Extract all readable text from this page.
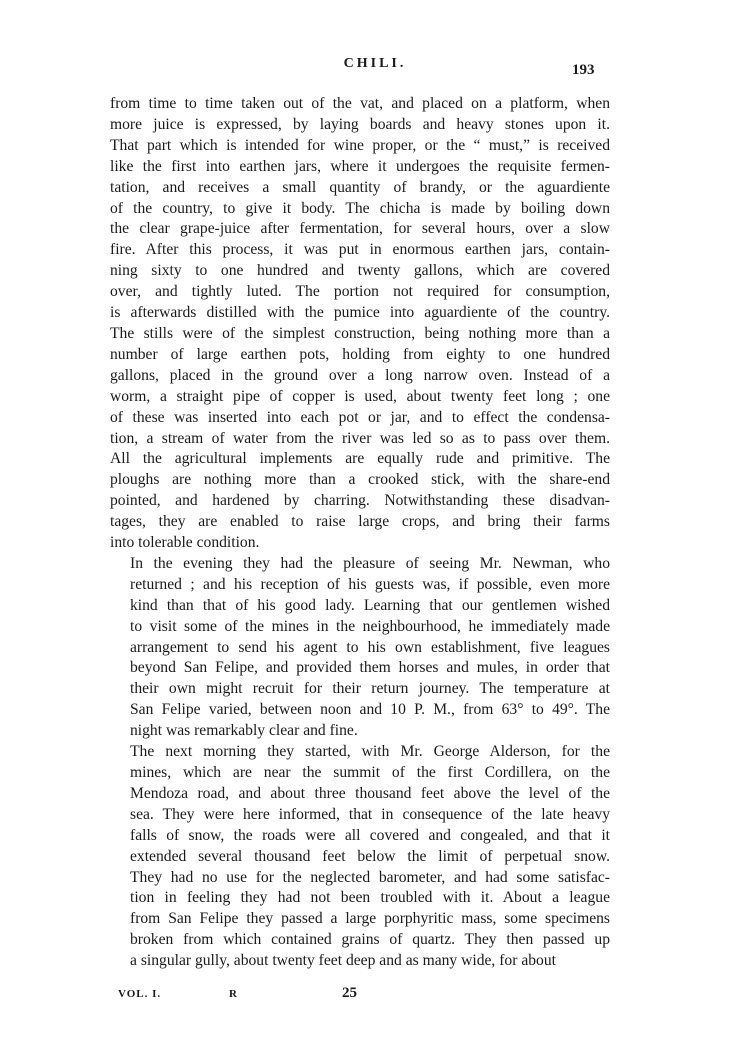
CHILI.	193

from time to time taken out of the vat, and placed on a platform, when
more juice is expressed, by laying boards and heavy stones upon it.
That part which is intended for wine proper, or the “ must,” is received
like the first into earthen jars, where it undergoes the requisite fermen-
tation, and receives a small quantity of brandy, or the aguardiente
of the country, to give it body. The chicha is made by boiling down
the clear grape-juice after fermentation, for several hours, over a slow
fire. After this process, it was put in enormous earthen jars, contain-
ning sixty to one hundred and twenty gallons, which are covered
over, and tightly luted. The portion not required for consumption,
is afterwards distilled with the pumice into aguardiente of the country.
The stills were of the simplest construction, being nothing more than a
number of large earthen pots, holding from eighty to one hundred
gallons, placed in the ground over a long narrow oven. Instead of a
worm, a straight pipe of copper is used, about twenty feet long ; one
of these was inserted into each pot or jar, and to effect the condensa-
tion, a stream of water from the river was led so as to pass over them.
All the agricultural implements are equally rude and primitive. The
ploughs are nothing more than a crooked stick, with the share-end
pointed, and hardened by charring. Notwithstanding these disadvan-
tages, they are enabled to raise large crops, and bring their farms
into tolerable condition.

In the evening they had the pleasure of seeing Mr. Newman, who
returned ; and his reception of his guests was, if possible, even more
kind than that of his good lady. Learning that our gentlemen wished
to visit some of the mines in the neighbourhood, he immediately made
arrangement to send his agent to his own establishment, five leagues
beyond San Felipe, and provided them horses and mules, in order that
their own might recruit for their return journey. The temperature at
San Felipe varied, between noon and 10 P. M., from 63° to 49°. The
night was remarkably clear and fine.

The next morning they started, with Mr. George Alderson, for the
mines, which are near the summit of the first Cordillera, on the
Mendoza road, and about three thousand feet above the level of the
sea. They were here informed, that in consequence of the late heavy
falls of snow, the roads were all covered and congealed, and that it
extended several thousand feet below the limit of perpetual snow.
They had no use for the neglected barometer, and had some satisfac-
tion in feeling they had not been troubled with it. About a league
from San Felipe they passed a large porphyritic mass, some specimens
broken from which contained grains of quartz. They then passed up
a singular gully, about twenty feet deep and as many wide, for about

VOL. I.	R	25
